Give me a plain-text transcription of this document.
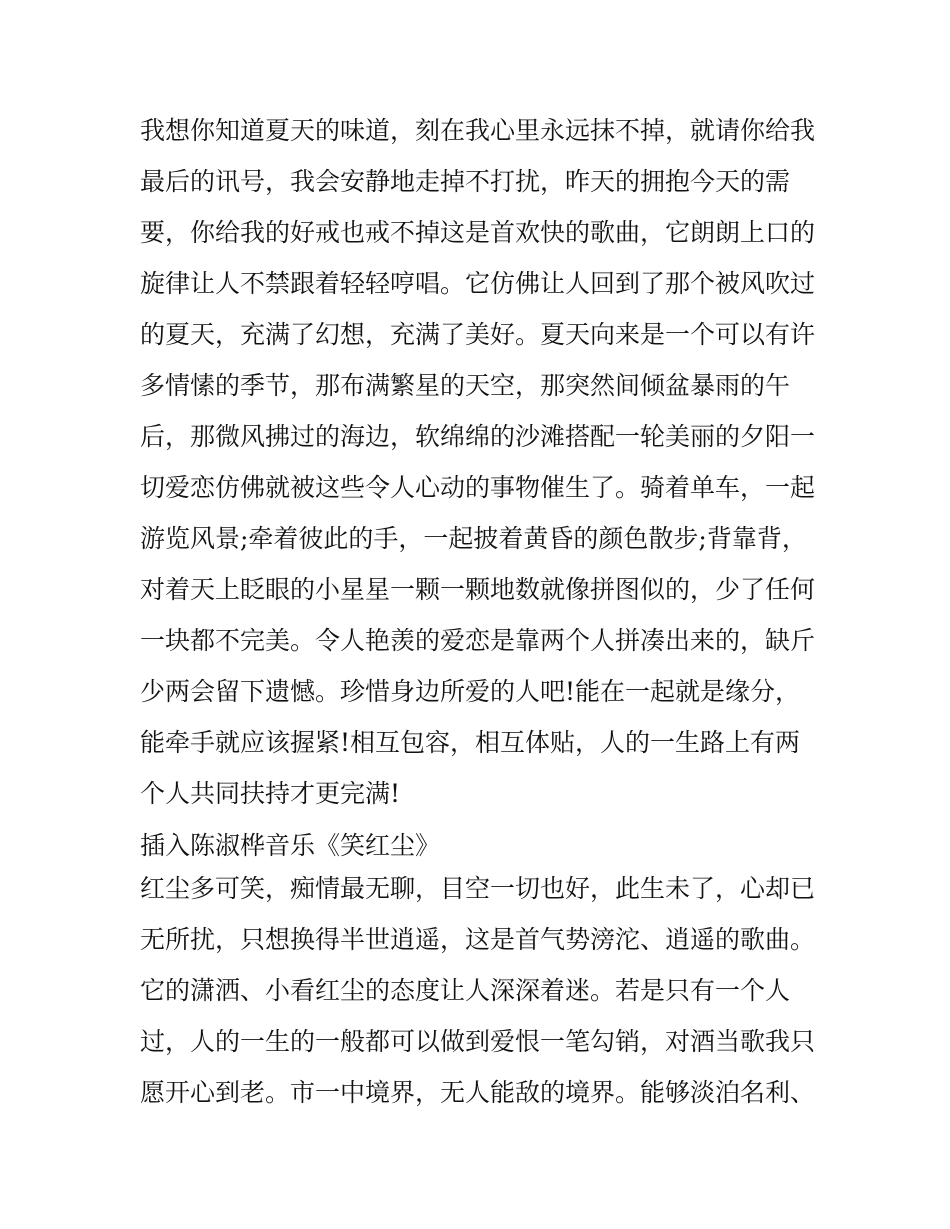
我想你知道夏天的味道，刻在我心里永远抹不掉，就请你给我
最后的讯号，我会安静地走掉不打扰，昨天的拥抱今天的需
要，你给我的好戒也戒不掉这是首欢快的歌曲，它朗朗上口的
旋律让人不禁跟着轻轻哼唱。它仿佛让人回到了那个被风吹过
的夏天，充满了幻想，充满了美好。夏天向来是一个可以有许
多情愫的季节，那布满繁星的天空，那突然间倾盆暴雨的午
后，那微风拂过的海边，软绵绵的沙滩搭配一轮美丽的夕阳一
切爱恋仿佛就被这些令人心动的事物催生了。骑着单车，一起
游览风景;牵着彼此的手，一起披着黄昏的颜色散步;背靠背，
对着天上眨眼的小星星一颗一颗地数就像拼图似的，少了任何
一块都不完美。令人艳羡的爱恋是靠两个人拼凑出来的，缺斤
少两会留下遗憾。珍惜身边所爱的人吧!能在一起就是缘分，
能牵手就应该握紧!相互包容，相互体贴，人的一生路上有两
个人共同扶持才更完满!
插入陈淑桦音乐《笑红尘》
红尘多可笑，痴情最无聊，目空一切也好，此生未了，心却已
无所扰，只想换得半世逍遥，这是首气势滂沱、逍遥的歌曲。
它的潇洒、小看红尘的态度让人深深着迷。若是只有一个人
过，人的一生的一般都可以做到爱恨一笔勾销，对酒当歌我只
愿开心到老。市一中境界，无人能敌的境界。能够淡泊名利、
